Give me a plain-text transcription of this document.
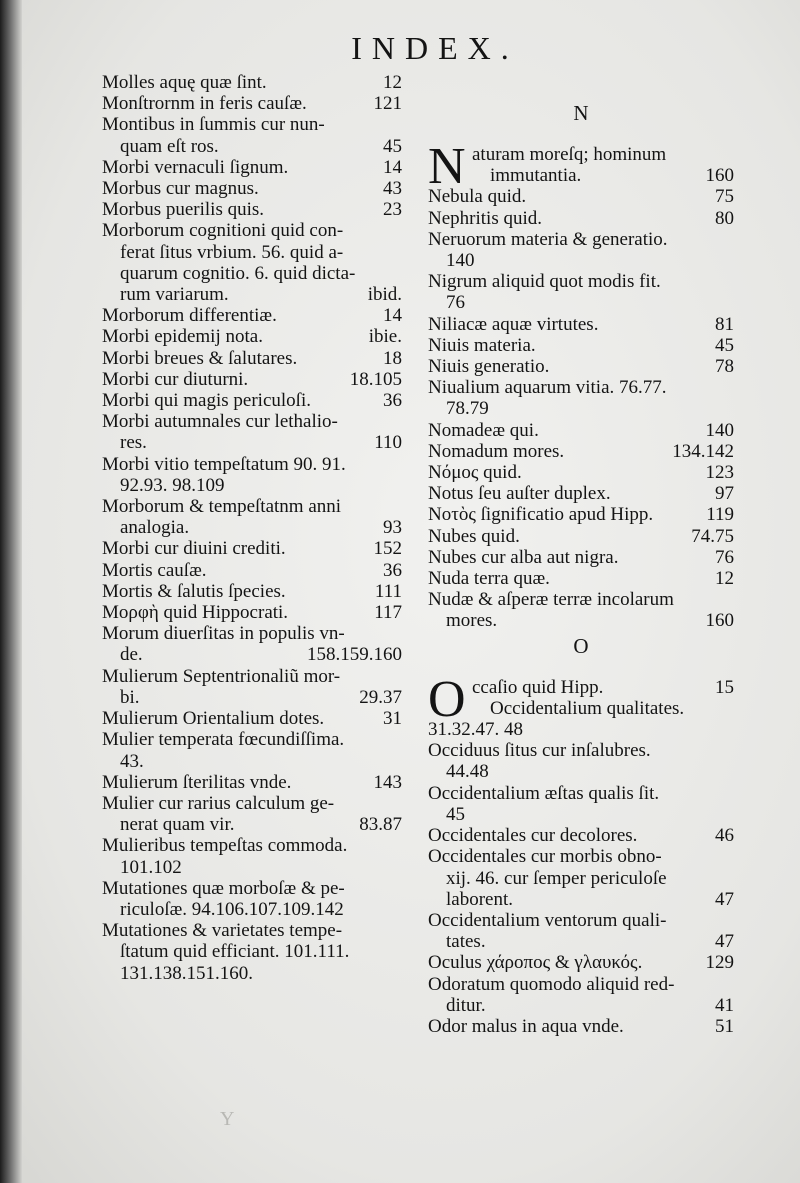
INDEX.
Molles aquę quæ ſint.	12
Monſtrornm in feris cauſæ.	121
Montibus in ſummis cur nun-
quam eſt ros.	45
Morbi vernaculi ſignum.	14
Morbus cur magnus.	43
Morbus puerilis quis.	23
Morborum cognitioni quid con-
ferat ſitus vrbium. 56. quid a-
quarum cognitio. 6. quid dicta-
rum variarum.	ibid.
Morborum differentiæ.	14
Morbi epidemij nota.	ibie.
Morbi breues & ſalutares.	18
Morbi cur diuturni.	18.105
Morbi qui magis periculoſi.	36
Morbi autumnales cur lethalio-
res.	110
Morbi vitio tempeſtatum 90. 91.
92.93. 98.109
Morborum & tempeſtatnm anni
analogia.	93
Morbi cur diuini crediti.	152
Mortis cauſæ.	36
Mortis & ſalutis ſpecies.	111
Μορφὴ quid Hippocrati.	117
Morum diuerſitas in populis vn-
de.	158.159.160
Mulierum Septentrionaliũ mor-
bi.	29.37
Mulierum Orientalium dotes.	31
Mulier temperata fœcundiſſima.
43.
Mulierum ſterilitas vnde.	143
Mulier cur rarius calculum ge-
nerat quam vir.	83.87
Mulieribus tempeſtas commoda.
101.102
Mutationes quæ morboſæ & pe-
riculoſæ. 94.106.107.109.142
Mutationes & varietates tempe-
ſtatum quid efficiant. 101.111.
131.138.151.160.
N
N aturam moreſq; hominum
immutantia.	160
Nebula quid.	75
Nephritis quid.	80
Neruorum materia & generatio.
140
Nigrum aliquid quot modis fit.
76
Niliacæ aquæ virtutes.	81
Niuis materia.	45
Niuis generatio.	78
Niualium aquarum vitia. 76.77.
78.79
Nomadeæ qui.	140
Nomadum mores.	134.142
Νόμος quid.	123
Notus ſeu auſter duplex.	97
Νοτὸς ſignificatio apud Hipp.	119
Nubes quid.	74.75
Nubes cur alba aut nigra.	76
Nuda terra quæ.	12
Nudæ & aſperæ terræ incolarum
mores.	160
O
O ccaſio quid Hipp.	15
Occidentalium qualitates.
31.32.47. 48
Occiduus ſitus cur inſalubres.
44.48
Occidentalium æſtas qualis ſit.
45
Occidentales cur decolores.	46
Occidentales cur morbis obno-
xij. 46. cur ſemper periculoſe
laborent.	47
Occidentalium ventorum quali-
tates.	47
Oculus χάροπος & γλαυκός.	129
Odoratum quomodo aliquid red-
ditur.	41
Odor malus in aqua vnde.	51
Y
